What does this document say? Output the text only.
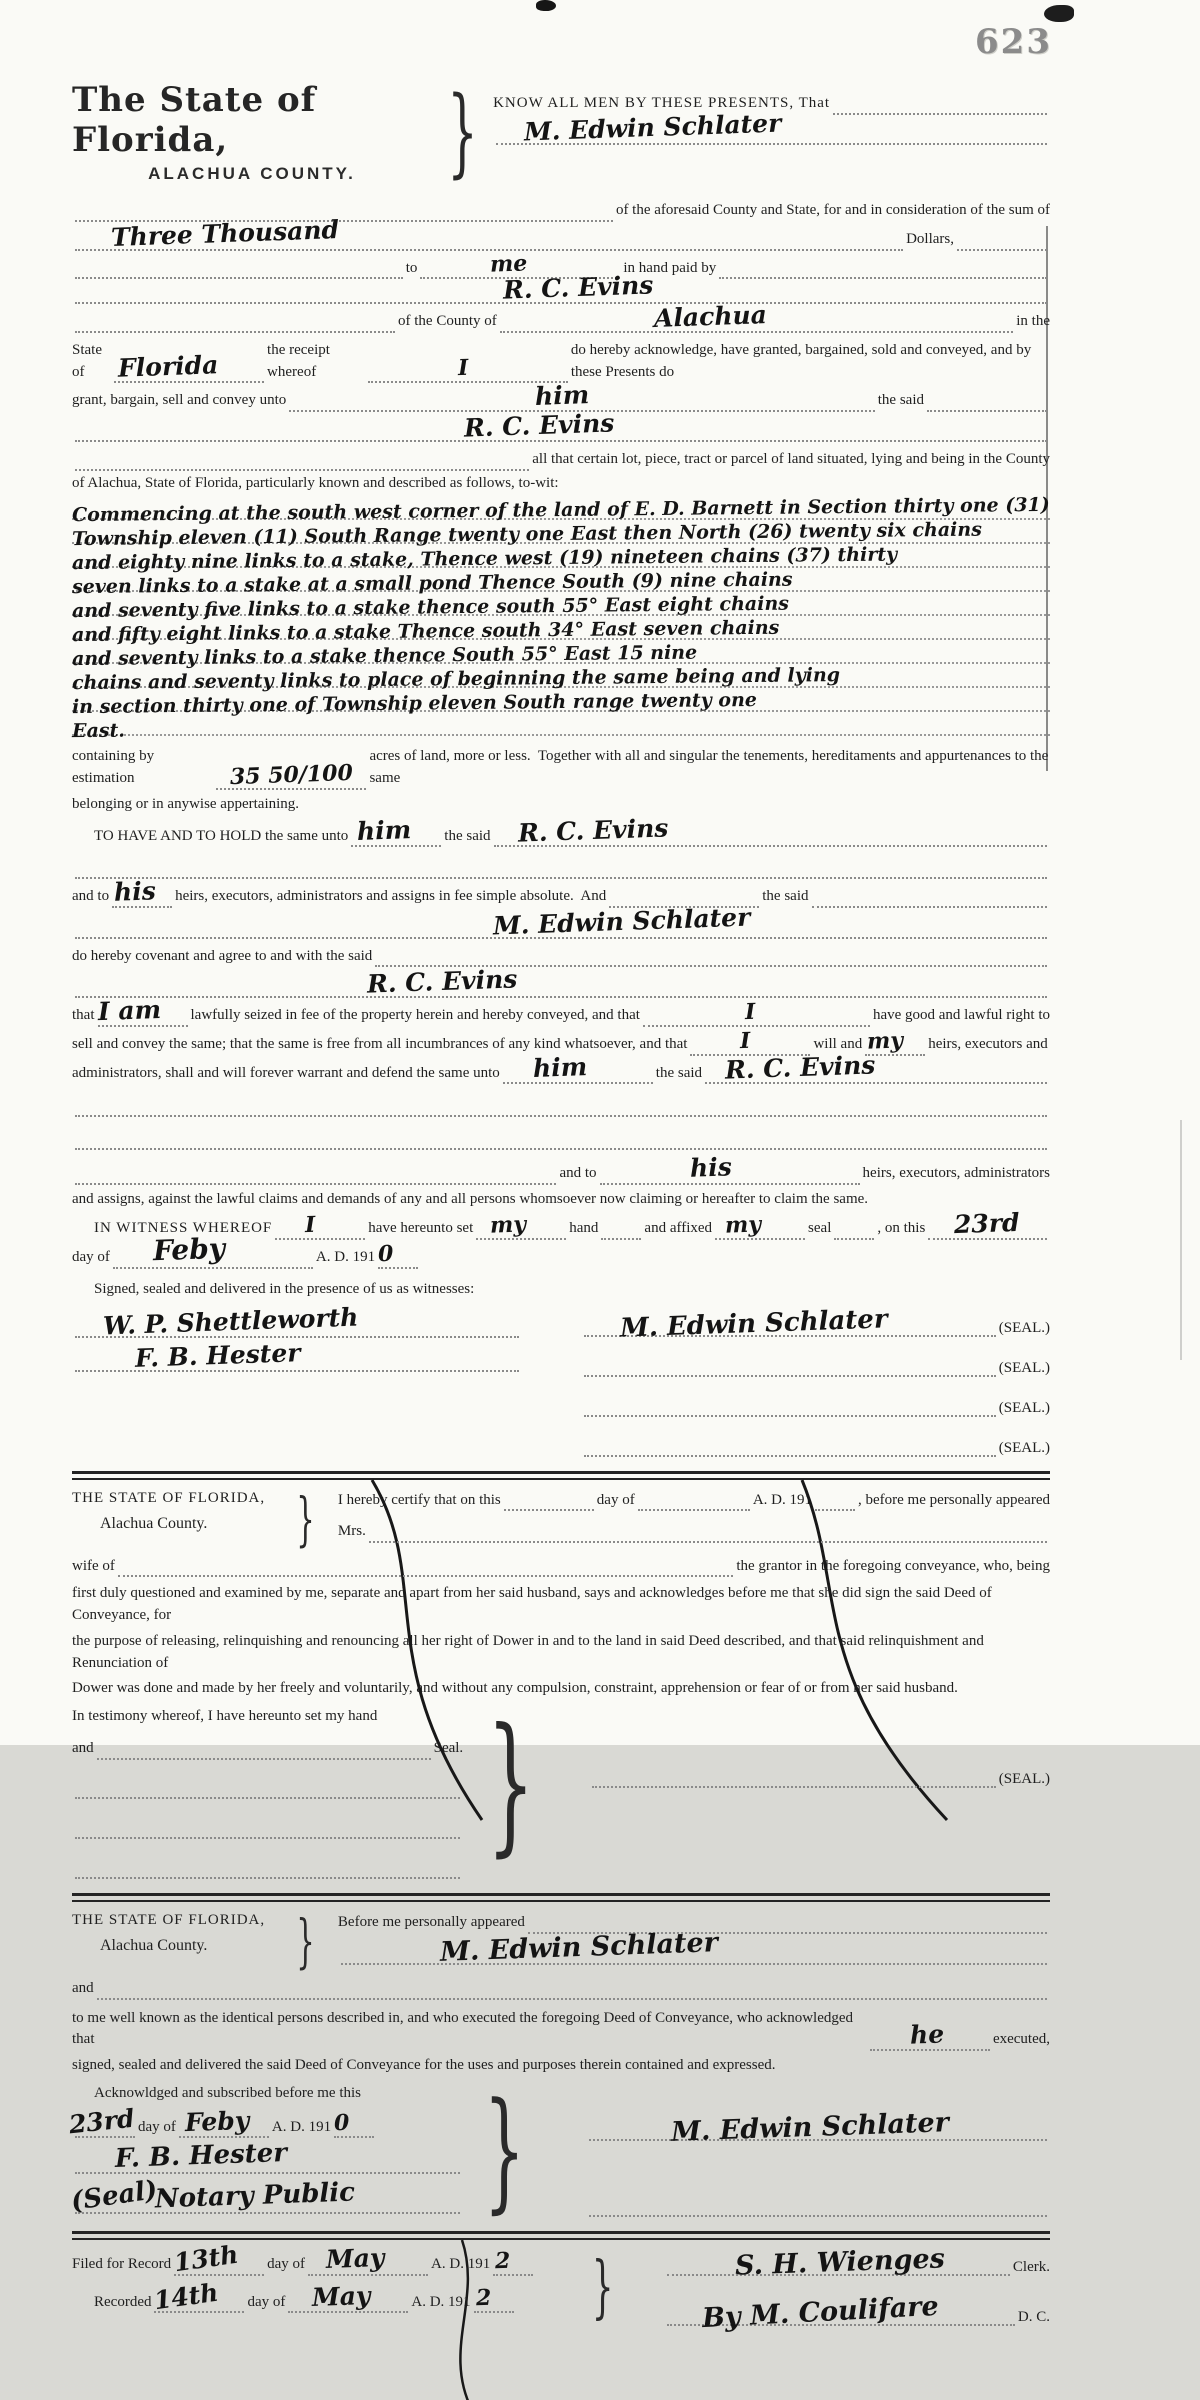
623
The State of Florida,
ALACHUA COUNTY. } KNOW ALL MEN BY THESE PRESENTS, That
M. Edwin Schlater
of the aforesaid County and State, for and in consideration of the sum of
Three Thousand	Dollars,
to	me	in hand paid by
R. C. Evins
of the County of	Alachua	in the
State of	Florida
the receipt whereof	I
do hereby acknowledge, have granted, bargained, sold and conveyed, and by these Presents do
grant, bargain, sell and convey unto	him	the said
R. C. Evins
all that certain lot, piece, tract or parcel of land situated, lying and being in the County
of Alachua, State of Florida, particularly known and described as follows, to-wit:
Commencing at the south west corner of the land of E. D. Barnett in Section thirty one (31)
Township eleven (11) South Range twenty one East then North (26) twenty six chains
and eighty nine links to a stake, Thence west (19) nineteen chains (37) thirty
seven links to a stake at a small pond Thence South (9) nine chains
and seventy five links to a stake thence south 55° East eight chains
and fifty eight links to a stake Thence south 34° East seven chains
and seventy links to a stake thence South 55° East 15 nine
chains and seventy links to place of beginning the same being and lying
in section thirty one of Township eleven South range twenty one
East.
containing by estimation	35 50/100
acres of land, more or less.  Together with all and singular the tenements, hereditaments and appurtenances to the same
belonging or in anywise appertaining.
TO HAVE AND TO HOLD the same unto him the said R. C. Evins
and to his heirs, executors, administrators and assigns in fee simple absolute.  And	the said
M. Edwin Schlater
do hereby covenant and agree to and with the said
R. C. Evins
that I am lawfully seized in fee of the property herein and hereby conveyed, and that	I	have good and lawful right to
sell and convey the same; that the same is free from all incumbrances of any kind whatsoever, and that I	will and my heirs, executors and
administrators, shall and will forever warrant and defend the same unto him	the said R. C. Evins
and to	his	heirs, executors, administrators
and assigns, against the lawful claims and demands of any and all persons whomsoever now claiming or hereafter to claim the same.
IN WITNESS WHEREOF I	have hereunto set my	hand	and affixed my	seal	, on this 23rd
day of Feby	A. D. 191 0
Signed, sealed and delivered in the presence of us as witnesses:
W. P. Shettleworth
F. B. Hester
M. Edwin Schlater	(SEAL.)
(SEAL.)
(SEAL.)
(SEAL.)
THE STATE OF FLORIDA,
Alachua County.	} I hereby certify that on this	day of	A. D. 191	, before me personally appeared
Mrs.
wife of	the grantor in the foregoing conveyance, who, being
first duly questioned and examined by me, separate and apart from her said husband, says and acknowledges before me that she did sign the said Deed of Conveyance, for
the purpose of releasing, relinquishing and renouncing all her right of Dower in and to the land in said Deed described, and that said relinquishment and Renunciation of
Dower was done and made by her freely and voluntarily, and without any compulsion, constraint, apprehension or fear of or from her said husband.
In testimony whereof, I have hereunto set my hand
and	Seal. }	(SEAL.)
THE STATE OF FLORIDA,
Alachua County.	} Before me personally appeared
M. Edwin Schlater
and
to me well known as the identical persons described in, and who executed the foregoing Deed of Conveyance, who acknowledged that	he	executed,
signed, sealed and delivered the said Deed of Conveyance for the uses and purposes therein contained and expressed.
Acknowldged and subscribed before me this
23rd day of Feby A. D. 191 0
F. B. Hester
(Seal)
Notary Public }	M. Edwin Schlater
Filed for Record 13th day of May	A. D. 191 2
Recorded 14th day of May	A. D. 191 2 }	S. H. Wienges	Clerk.
By M. Coulifare	D. C.
